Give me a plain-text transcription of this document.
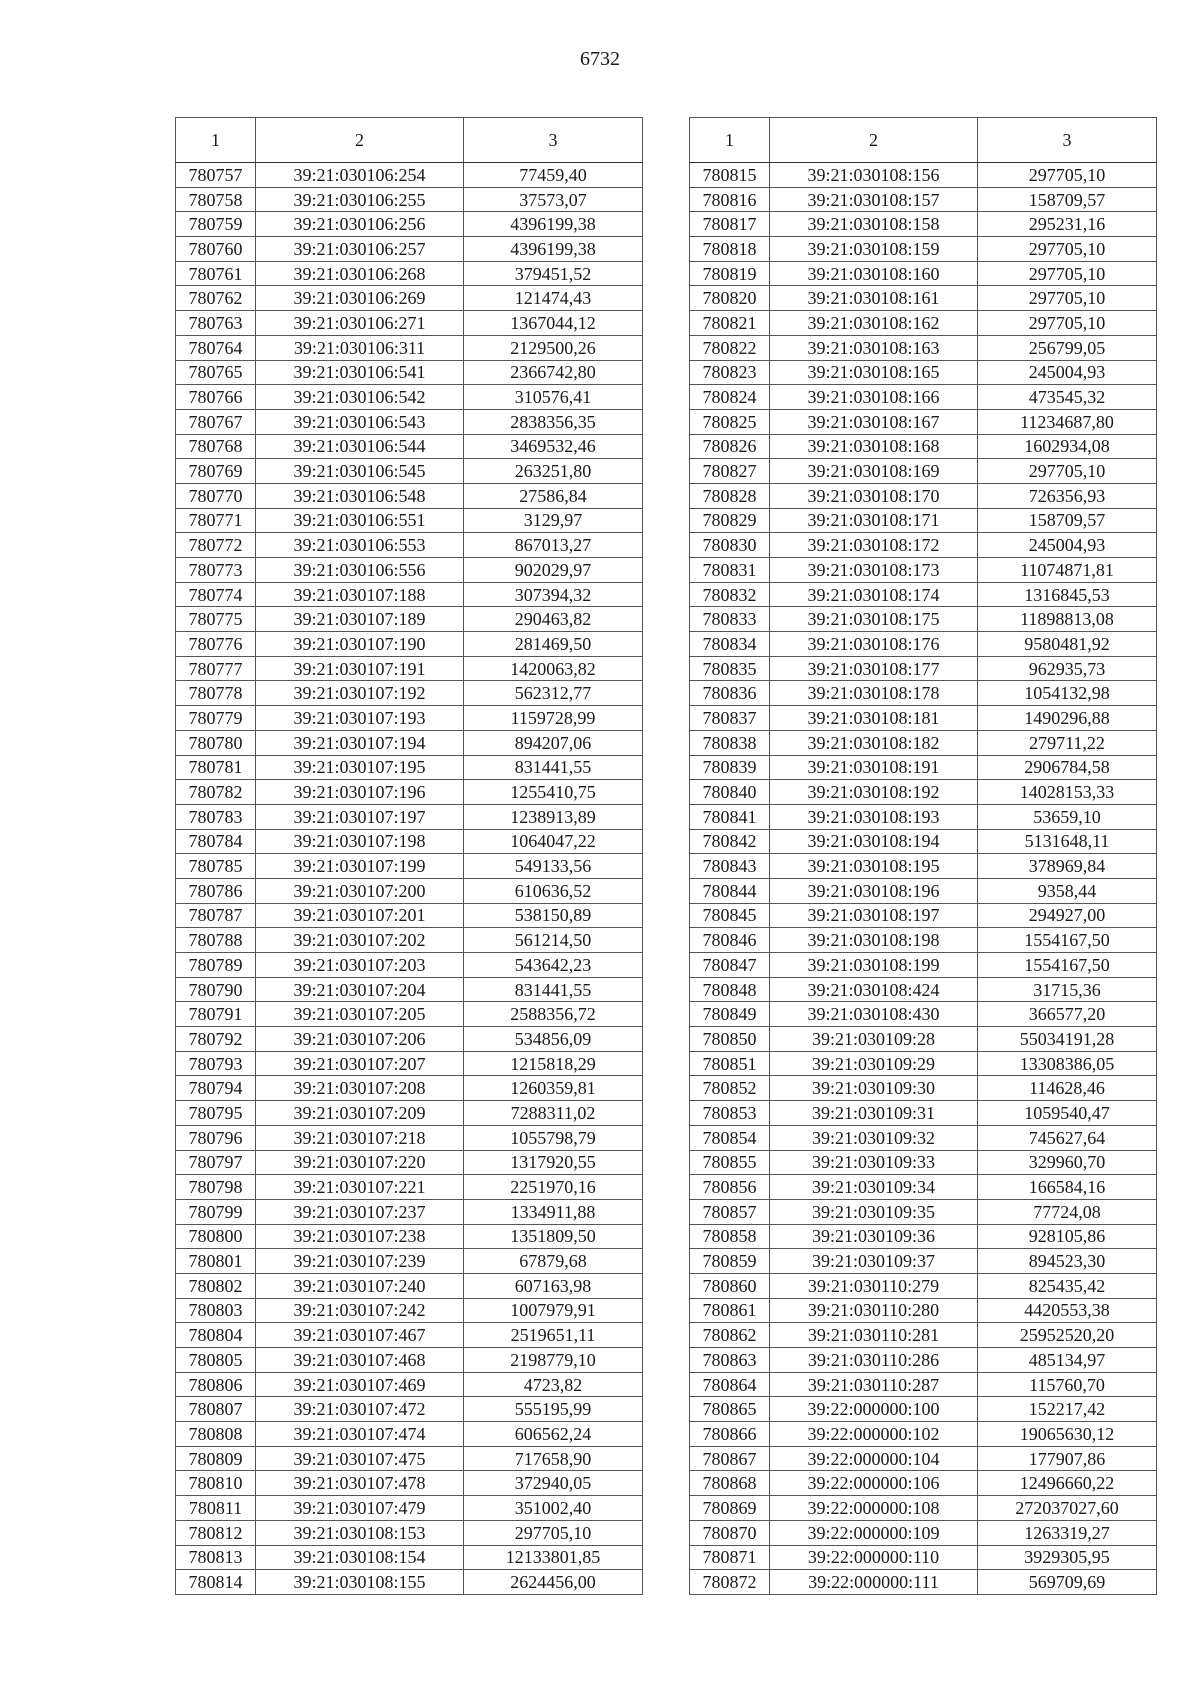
6732
1	2	3
780757	39:21:030106:254	77459,40
780758	39:21:030106:255	37573,07
780759	39:21:030106:256	4396199,38
780760	39:21:030106:257	4396199,38
780761	39:21:030106:268	379451,52
780762	39:21:030106:269	121474,43
780763	39:21:030106:271	1367044,12
780764	39:21:030106:311	2129500,26
780765	39:21:030106:541	2366742,80
780766	39:21:030106:542	310576,41
780767	39:21:030106:543	2838356,35
780768	39:21:030106:544	3469532,46
780769	39:21:030106:545	263251,80
780770	39:21:030106:548	27586,84
780771	39:21:030106:551	3129,97
780772	39:21:030106:553	867013,27
780773	39:21:030106:556	902029,97
780774	39:21:030107:188	307394,32
780775	39:21:030107:189	290463,82
780776	39:21:030107:190	281469,50
780777	39:21:030107:191	1420063,82
780778	39:21:030107:192	562312,77
780779	39:21:030107:193	1159728,99
780780	39:21:030107:194	894207,06
780781	39:21:030107:195	831441,55
780782	39:21:030107:196	1255410,75
780783	39:21:030107:197	1238913,89
780784	39:21:030107:198	1064047,22
780785	39:21:030107:199	549133,56
780786	39:21:030107:200	610636,52
780787	39:21:030107:201	538150,89
780788	39:21:030107:202	561214,50
780789	39:21:030107:203	543642,23
780790	39:21:030107:204	831441,55
780791	39:21:030107:205	2588356,72
780792	39:21:030107:206	534856,09
780793	39:21:030107:207	1215818,29
780794	39:21:030107:208	1260359,81
780795	39:21:030107:209	7288311,02
780796	39:21:030107:218	1055798,79
780797	39:21:030107:220	1317920,55
780798	39:21:030107:221	2251970,16
780799	39:21:030107:237	1334911,88
780800	39:21:030107:238	1351809,50
780801	39:21:030107:239	67879,68
780802	39:21:030107:240	607163,98
780803	39:21:030107:242	1007979,91
780804	39:21:030107:467	2519651,11
780805	39:21:030107:468	2198779,10
780806	39:21:030107:469	4723,82
780807	39:21:030107:472	555195,99
780808	39:21:030107:474	606562,24
780809	39:21:030107:475	717658,90
780810	39:21:030107:478	372940,05
780811	39:21:030107:479	351002,40
780812	39:21:030108:153	297705,10
780813	39:21:030108:154	12133801,85
780814	39:21:030108:155	2624456,00
1	2	3
780815	39:21:030108:156	297705,10
780816	39:21:030108:157	158709,57
780817	39:21:030108:158	295231,16
780818	39:21:030108:159	297705,10
780819	39:21:030108:160	297705,10
780820	39:21:030108:161	297705,10
780821	39:21:030108:162	297705,10
780822	39:21:030108:163	256799,05
780823	39:21:030108:165	245004,93
780824	39:21:030108:166	473545,32
780825	39:21:030108:167	11234687,80
780826	39:21:030108:168	1602934,08
780827	39:21:030108:169	297705,10
780828	39:21:030108:170	726356,93
780829	39:21:030108:171	158709,57
780830	39:21:030108:172	245004,93
780831	39:21:030108:173	11074871,81
780832	39:21:030108:174	1316845,53
780833	39:21:030108:175	11898813,08
780834	39:21:030108:176	9580481,92
780835	39:21:030108:177	962935,73
780836	39:21:030108:178	1054132,98
780837	39:21:030108:181	1490296,88
780838	39:21:030108:182	279711,22
780839	39:21:030108:191	2906784,58
780840	39:21:030108:192	14028153,33
780841	39:21:030108:193	53659,10
780842	39:21:030108:194	5131648,11
780843	39:21:030108:195	378969,84
780844	39:21:030108:196	9358,44
780845	39:21:030108:197	294927,00
780846	39:21:030108:198	1554167,50
780847	39:21:030108:199	1554167,50
780848	39:21:030108:424	31715,36
780849	39:21:030108:430	366577,20
780850	39:21:030109:28	55034191,28
780851	39:21:030109:29	13308386,05
780852	39:21:030109:30	114628,46
780853	39:21:030109:31	1059540,47
780854	39:21:030109:32	745627,64
780855	39:21:030109:33	329960,70
780856	39:21:030109:34	166584,16
780857	39:21:030109:35	77724,08
780858	39:21:030109:36	928105,86
780859	39:21:030109:37	894523,30
780860	39:21:030110:279	825435,42
780861	39:21:030110:280	4420553,38
780862	39:21:030110:281	25952520,20
780863	39:21:030110:286	485134,97
780864	39:21:030110:287	115760,70
780865	39:22:000000:100	152217,42
780866	39:22:000000:102	19065630,12
780867	39:22:000000:104	177907,86
780868	39:22:000000:106	12496660,22
780869	39:22:000000:108	272037027,60
780870	39:22:000000:109	1263319,27
780871	39:22:000000:110	3929305,95
780872	39:22:000000:111	569709,69
